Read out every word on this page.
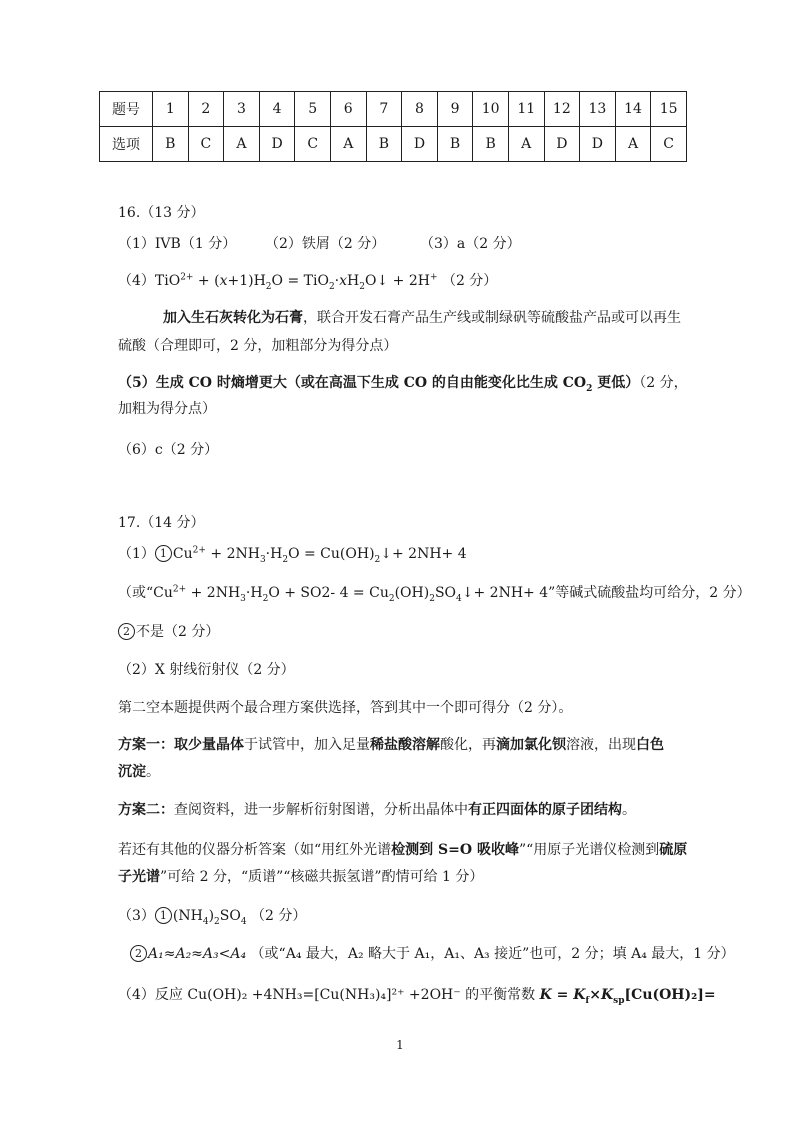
题号	1	2	3	4	5	6	7	8	9	10	11	12	13	14	15
选项	B	C	A	D	C	A	B	D	B	B	A	D	D	A	C
16.（13 分）
（1）IVB（1 分） （2）铁屑（2 分） （3）a（2 分）
$(4)TiO^{2+} + (x+1)H_2O$ = $TiO_2\cdot xH_2O↓ + 2H^+$ （2 分）
加入生石灰转化为石膏，联合开发石膏产品生产线或制绿矾等硫酸盐产品或可以再生
硫酸（合理即可，2 分，加粗部分为得分点）
（5）生成 CO 时熵增更大（或在高温下生成 CO 的自由能变化比生成 $CO_2$ 更低）（2 分，
加粗为得分点）
（6）c（2 分）
17.（14 分）
（1） 1 $Cu^{2+} + 2NH_3\cdot H_2O$ = $Cu(OH)_2↓+ 2NH+ 4$
（或“$Cu^{2+} + 2NH_3\cdot H_2O + SO2-$ $4 = Cu_2(OH)_2SO_4↓+ 2NH+ 4$”等碱式硫酸盐均可给分，2 分）
2 不是（2 分）
（2）X 射线衍射仪（2 分）
第二空本题提供两个最合理方案供选择，答到其中一个即可得分（2 分）。
方案一：取少量晶体于试管中，加入足量稀盐酸溶解酸化，再滴加氯化钡溶液，出现白色
沉淀。
方案二：查阅资料，进一步解析衍射图谱，分析出晶体中有正四面体的原子团结构。
若还有其他的仪器分析答案（如“用红外光谱检测到 S=O 吸收峰”“用原子光谱仪检测到硫原
子光谱”可给 2 分，“质谱”“核磁共振氢谱”酌情可给 1 分）
（3） 1 $(NH_4)_2SO_4$ （2 分）
2 A₁≈A₂≈A₃<A₄ （或“A₄ 最大，A₂ 略大于 A₁，A₁、A₃ 接近”也可，2 分；填 A₄ 最大，1 分）
（4）反应 Cu(OH)₂ +4NH₃=[Cu(NH₃)₄]²⁺ +2OH⁻ 的平衡常数 $K = K_f\times K_{sp}[Cu(OH)_2]=$
1
